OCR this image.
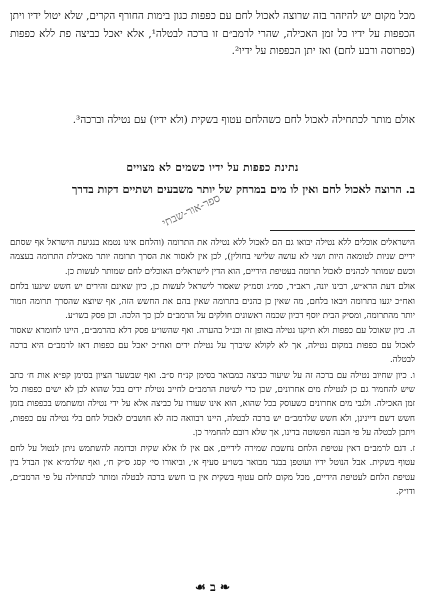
מכל מקום יש להיזהר בזה שרוצה לאכול לחם עם כפפות כגון בימות החורף הקרים, שלא יטול ידיו ויתן הכפפות על ידיו כל זמן האכילה, שהרי לרמב״ם זו ברכה לבטלה¹, אלא יאכל כביצה פת ללא כפפות (כפרוסה ורבע לחם) ואז יתן הכפפות על ידיו².

אולם מותר לכתחילה לאכול לחם כשהלחם עטוף בשקית (ולא ידיו) עם נטילה וברכה³.

נתינת כפפות על ידיו כשמים לא מצויים
ב. הרוצה לאכול לחם ואין לו מים במרחק של יותר משבעים ושתיים דקות בדרך
ספר-אור-שבתי

הישראלים אוכלים ללא נטילה יבואו גם הם לאכול ללא נטילה את התרומה (והלחם אינו נטמא בנגיעת הישראל אף שסתם ידיים שניות לטומאה היות ושני לא עושה שלישי בחולין), לכן אין לאסור את הסרך תרומה יותר מאכילת התרומה בעצמה וכשם שמותר לכהנים לאכול תרומה בעטיפת הידיים, הוא הדין לישראלים האוכלים לחם שמותר לעשות כן.

אולם דעת הרא״ש, רבינו יונה, ראב״ד, סמ״ג וסמ״ק שאסור לישראל לעשות כן, כיון שאינם זהירים יש חשש שיגעו בלחם ואח״כ יגעו בתרומה ויבאו בלחם, מה שאין כן כהנים בתרומה שאין בהם את החשש הזה, אף שיוצא שהסרך תרומה חמור יותר מהתרומה, ומסיק הבית יוסף דכיון שכמה ראשונים חולקים על הרמב״ם לכן כך הלכה. וכן פסק בשו״ע.

ה. כיון שאוכל עם כפפות ולא תיקנו נטילה באופן זה וכנ״ל בהערה. ואף שהשו״ע פסק דלא כהרמב״ם, היינו לחומרא שאסור לאכול עם כפפות במקום נטילה, אך לא לקולא שיברך על נטילת ידים ואח״כ יאכל עם כפפות דאז לרמב״ם היא ברכה לבטלה.

ו. כיון שחיוב נטילה עם ברכה זה על שיעור כביצה כמבואר בסימן קנ״ח ס״ב. ואף שבשער הציון בסימן קפ״א אות ח׳ כתב שיש להחמיר גם כן לנטילת מים אחרונים, שכן כדי לשיטת הרמב״ם לחייב נטילת ידים בכל שהוא לכן לא ישים כפפות כל זמן האכילה. ולגבי מים אחרונים כשעוסק בכל שהוא, הוא אינו שעורו על כביצה אלא על ידי נטילה ומשתמש בכפפות בזמן חשש דשם דיינינן, ולא חשש שלרמב״ם יש ברכה לבטלה, היינו רבוואה כזה לא חושבים לאכול לחם בלי נטילה עם כפפות, ויתכן לבטלה על פי הבנה הפשוטה בדינו, אך שלא רובם להחמיר כן.

ז. דגם לרמב״ם דאין עטיפת הלחם נחשבת שמירה לידיים, אם אין לו אלא שקית וכדומה להשתמש ניתן לנטול על לחם עטוף בשקית. אבל הנוטל ידיו ועוטפן בבגד מבואר בשו״ע סעיף א׳, וביאורו סי׳ קסג ס״ק ח׳, ואף שלרמ״א אין הבדל בין עטיפת הלחם לעטיפת הידיים, מכל מקום לחם עטוף בשקית אין בו חשש ברכה לבטלה ומותר לכתחילה על פי הרמב״ם, ודו״ק.

❧ ב ☙
